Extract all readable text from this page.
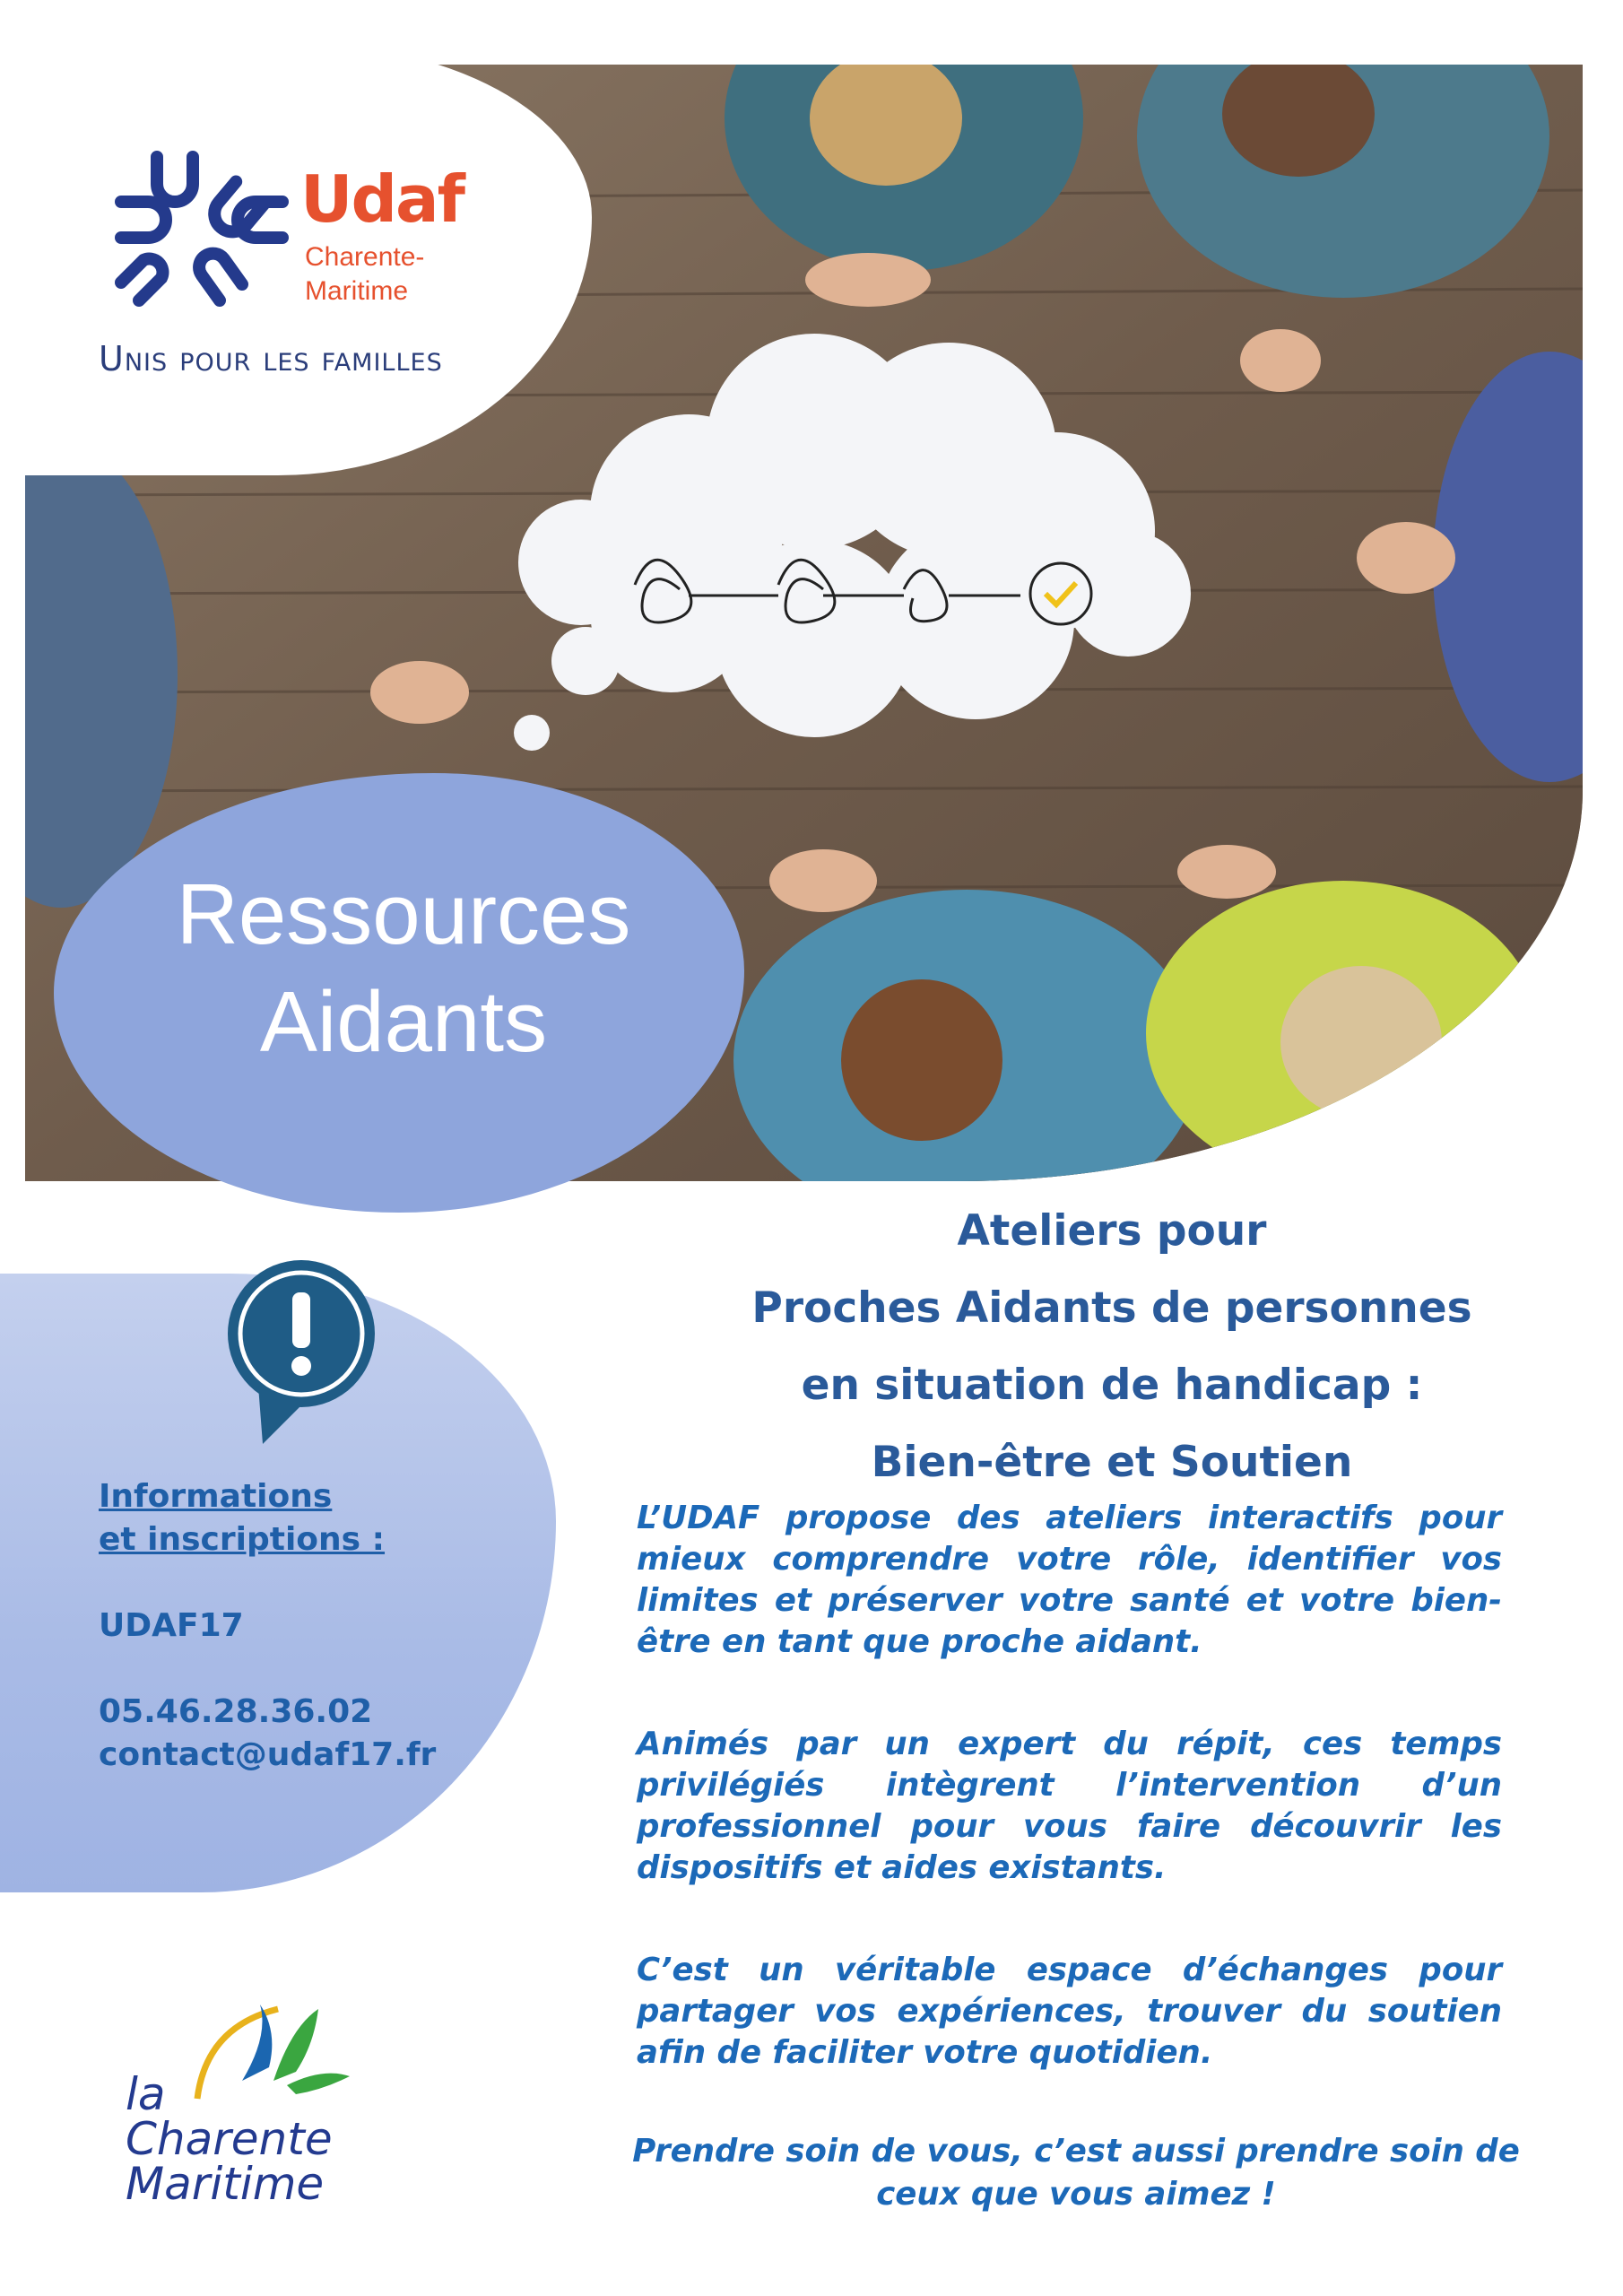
Udaf
Charente-Maritime
Unis pour les familles
Ressources
Aidants
Informations
et inscriptions :
UDAF17
05.46.28.36.02
contact@udaf17.fr
la
Charente
Maritime
Ateliers pour
Proches Aidants de personnes
en situation de handicap :
Bien-être et Soutien
L’UDAF propose des ateliers interactifs pour mieux comprendre votre rôle, identifier vos limites et préserver votre santé et votre bien-être en tant que proche aidant.
Animés par un expert du répit, ces temps privilégiés intègrent l’intervention d’un professionnel pour vous faire découvrir les dispositifs et aides existants.
C’est un véritable espace d’échanges pour partager vos expériences, trouver du soutien afin de faciliter votre quotidien.
Prendre soin de vous, c’est aussi prendre soin de
ceux que vous aimez !
